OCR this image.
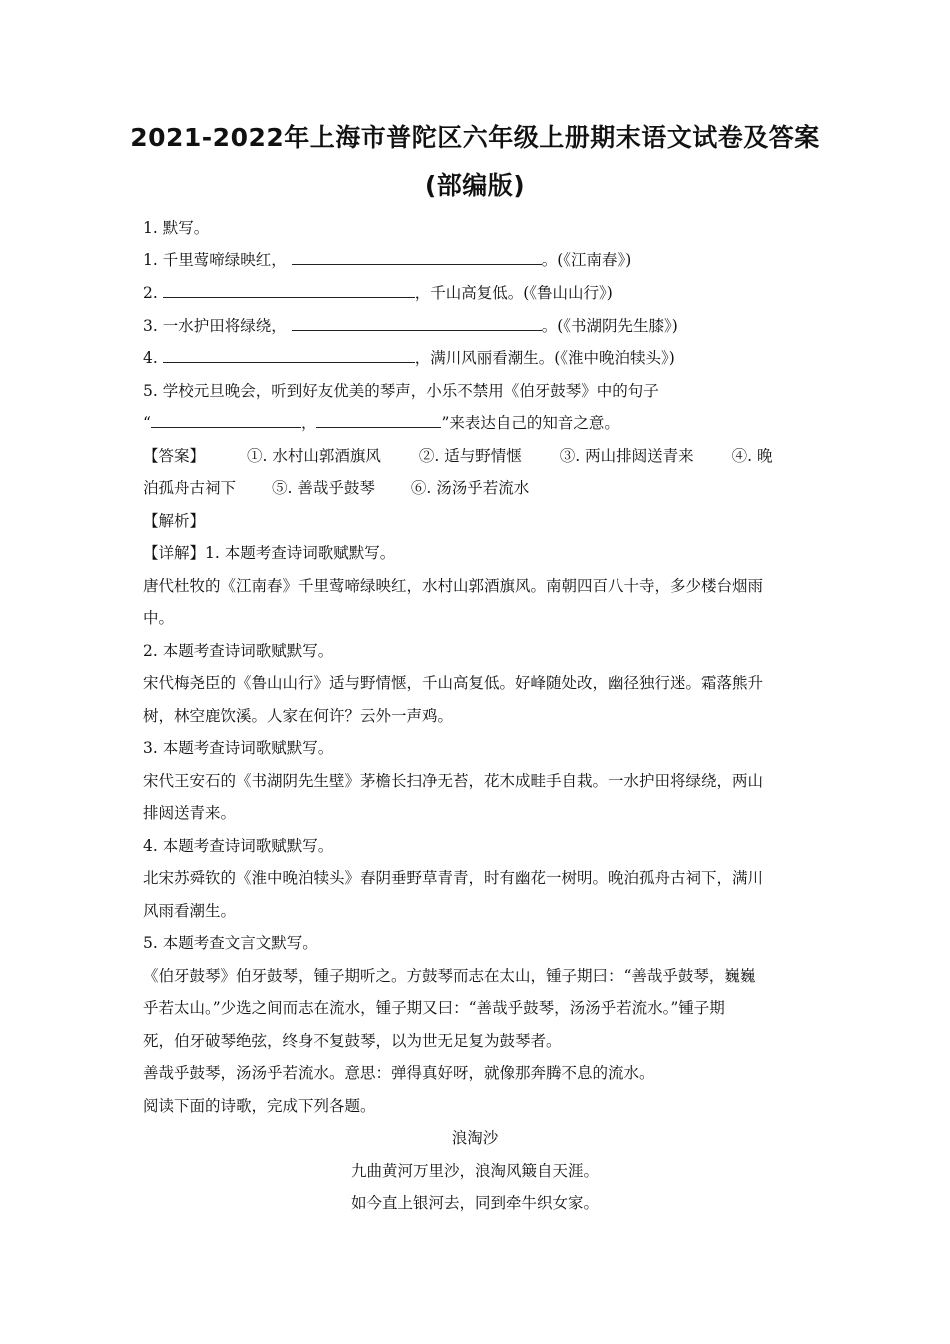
2021-2022年上海市普陀区六年级上册期末语文试卷及答案
(部编版)
1. 默写。
1. 千里莺啼绿映红，	。(《江南春》)
2.	，千山高复低。(《鲁山山行》)
3. 一水护田将绿绕，	。(《书湖阴先生膝》)
4.	，满川风丽看潮生。(《淮中晚泊犊头》)
5. 学校元旦晚会，听到好友优美的琴声，小乐不禁用《伯牙鼓琴》中的句子
“	，	”来表达自己的知音之意。
【答案】	①. 水村山郭酒旗风 ②. 适与野情惬 ③. 两山排闼送青来 ④. 晚
泊孤舟古祠下 ⑤. 善哉乎鼓琴 ⑥. 汤汤乎若流水
【解析】
【详解】1. 本题考查诗词歌赋默写。
唐代杜牧的《江南春》千里莺啼绿映红，水村山郭酒旗风。南朝四百八十寺，多少楼台烟雨
中。
2. 本题考查诗词歌赋默写。
宋代梅尧臣的《鲁山山行》适与野情惬，千山高复低。好峰随处改，幽径独行迷。霜落熊升
树，林空鹿饮溪。人家在何许？云外一声鸡。
3. 本题考查诗词歌赋默写。
宋代王安石的《书湖阴先生壁》茅檐长扫净无苔，花木成畦手自栽。一水护田将绿绕，两山
排闼送青来。
4. 本题考查诗词歌赋默写。
北宋苏舜钦的《淮中晚泊犊头》春阴垂野草青青，时有幽花一树明。晚泊孤舟古祠下，满川
风雨看潮生。
5. 本题考查文言文默写。
《伯牙鼓琴》伯牙鼓琴，锺子期听之。方鼓琴而志在太山，锺子期曰：“善哉乎鼓琴，巍巍
乎若太山。”少选之间而志在流水，锺子期又曰：“善哉乎鼓琴，汤汤乎若流水。”锺子期
死，伯牙破琴绝弦，终身不复鼓琴，以为世无足复为鼓琴者。
善哉乎鼓琴，汤汤乎若流水。意思：弹得真好呀，就像那奔腾不息的流水。
阅读下面的诗歌，完成下列各题。
浪淘沙
九曲黄河万里沙，浪淘风簸自天涯。
如今直上银河去，同到牵牛织女家。
